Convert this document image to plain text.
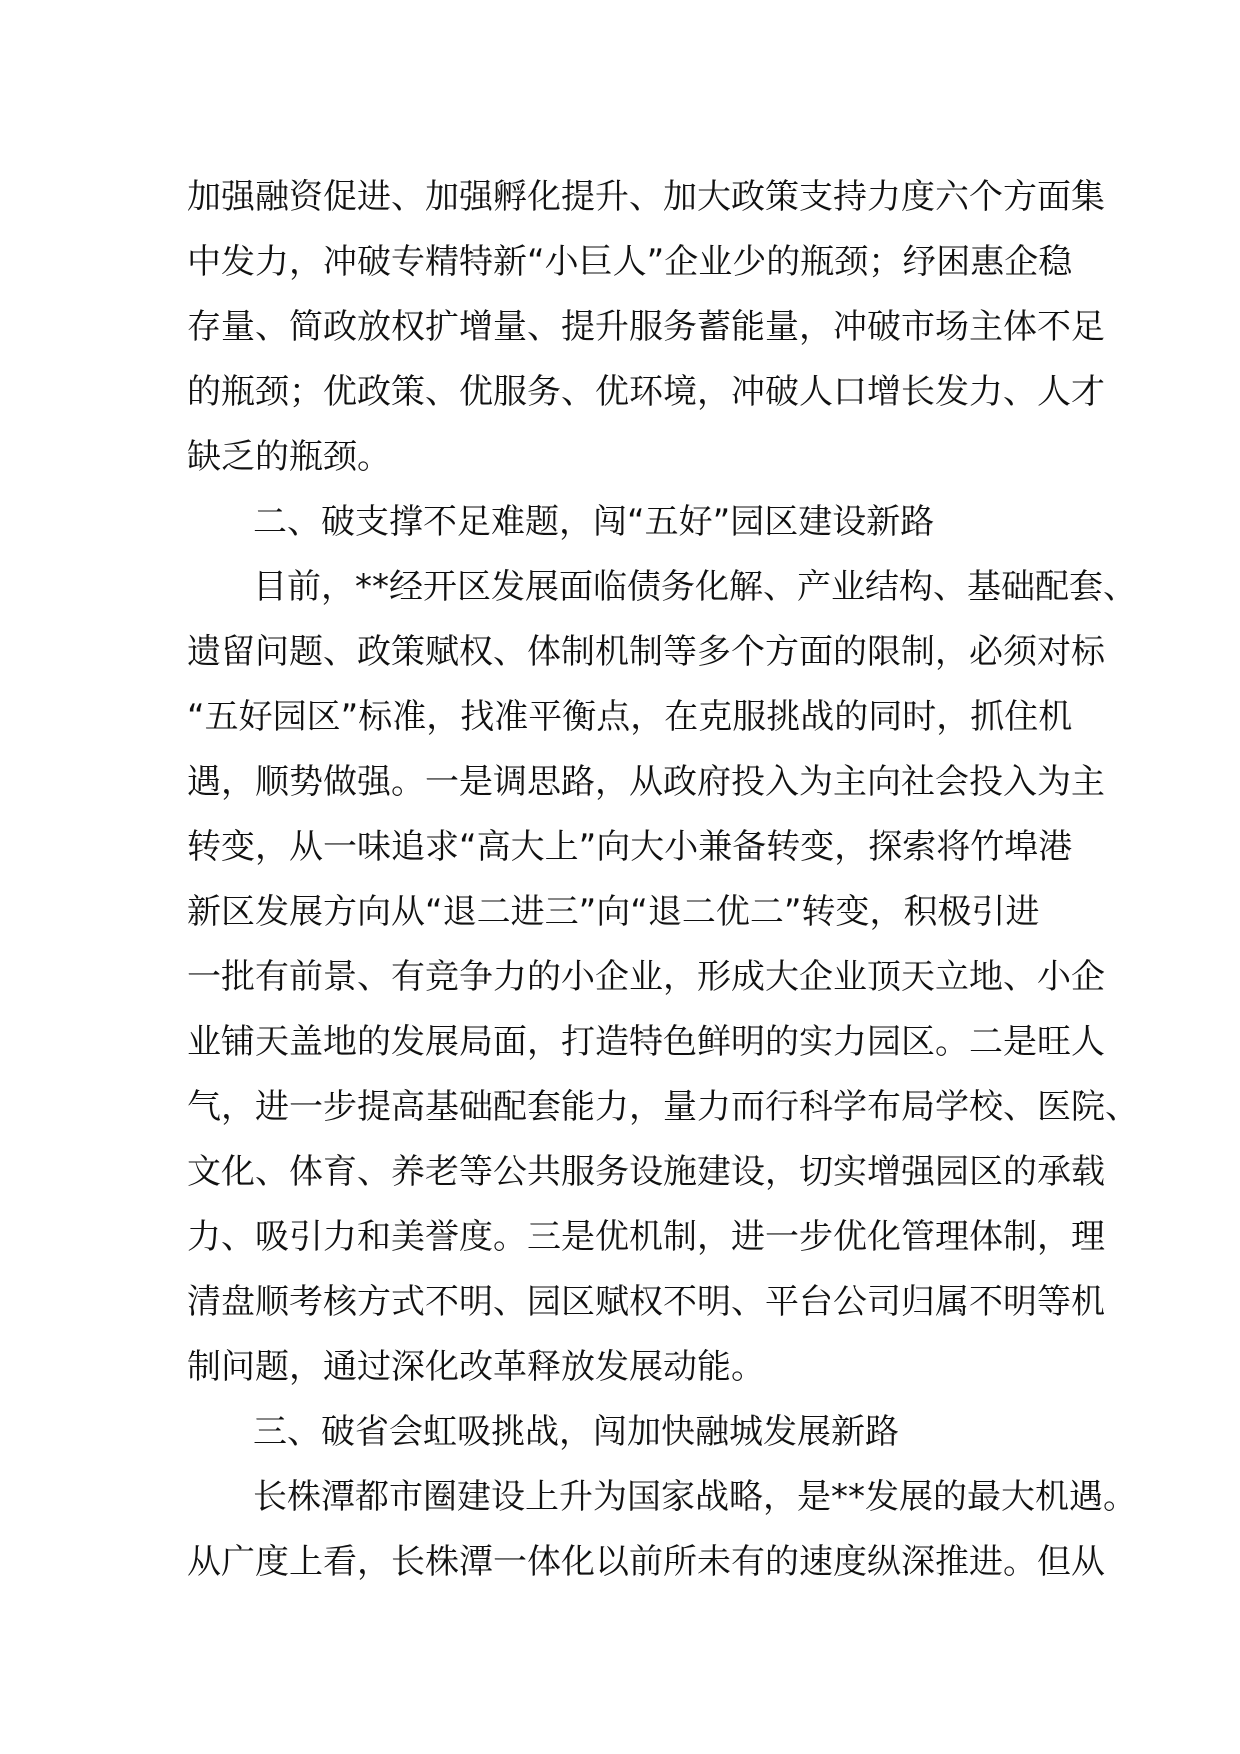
加强融资促进、加强孵化提升、加大政策支持力度六个方面集
中发力，冲破专精特新“小巨人”企业少的瓶颈；纾困惠企稳
存量、简政放权扩增量、提升服务蓄能量，冲破市场主体不足
的瓶颈；优政策、优服务、优环境，冲破人口增长发力、人才
缺乏的瓶颈。
二、破支撑不足难题，闯“五好”园区建设新路
目前，**经开区发展面临债务化解、产业结构、基础配套、
遗留问题、政策赋权、体制机制等多个方面的限制，必须对标
“五好园区”标准，找准平衡点，在克服挑战的同时，抓住机
遇，顺势做强。一是调思路，从政府投入为主向社会投入为主
转变，从一味追求“高大上”向大小兼备转变，探索将竹埠港
新区发展方向从“退二进三”向“退二优二”转变，积极引进
一批有前景、有竞争力的小企业，形成大企业顶天立地、小企
业铺天盖地的发展局面，打造特色鲜明的实力园区。二是旺人
气，进一步提高基础配套能力，量力而行科学布局学校、医院、
文化、体育、养老等公共服务设施建设，切实增强园区的承载
力、吸引力和美誉度。三是优机制，进一步优化管理体制，理
清盘顺考核方式不明、园区赋权不明、平台公司归属不明等机
制问题，通过深化改革释放发展动能。
三、破省会虹吸挑战，闯加快融城发展新路
长株潭都市圈建设上升为国家战略，是**发展的最大机遇。
从广度上看，长株潭一体化以前所未有的速度纵深推进。但从
